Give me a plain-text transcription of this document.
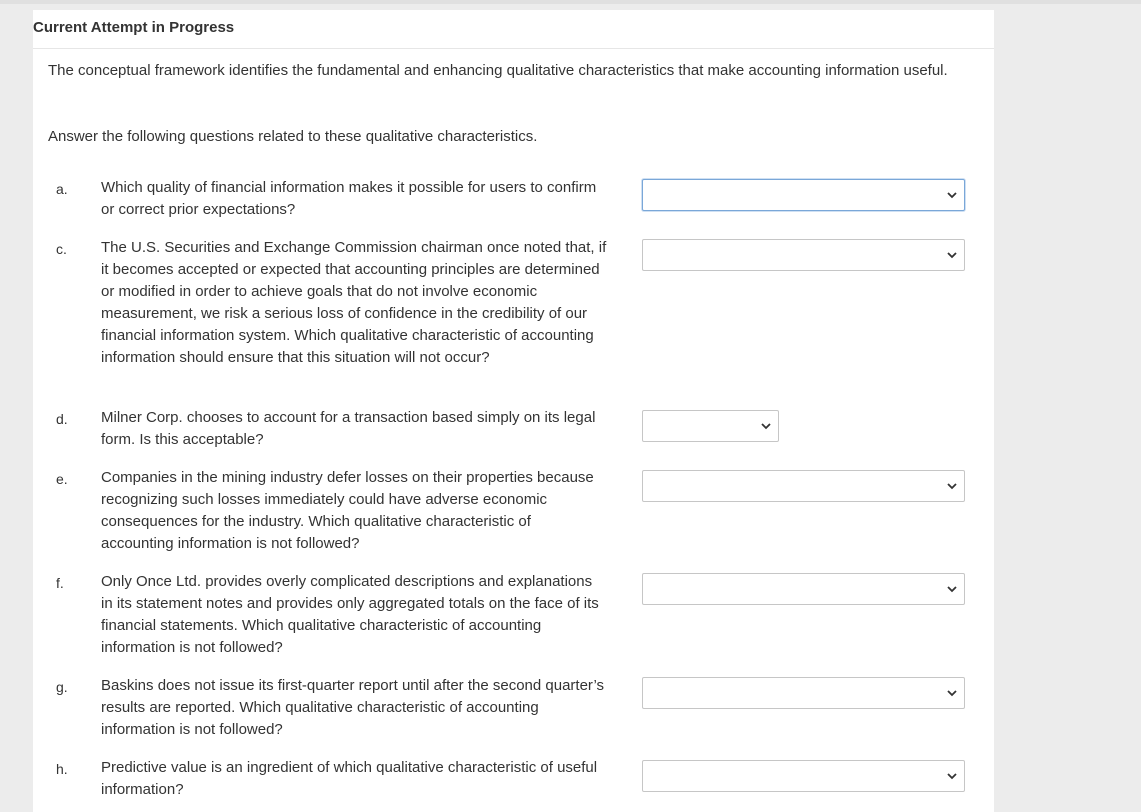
Current Attempt in Progress
The conceptual framework identifies the fundamental and enhancing qualitative characteristics that make accounting information useful.
Answer the following questions related to these qualitative characteristics.
a. Which quality of financial information makes it possible for users to confirm or correct prior expectations?
c. The U.S. Securities and Exchange Commission chairman once noted that, if it becomes accepted or expected that accounting principles are determined or modified in order to achieve goals that do not involve economic measurement, we risk a serious loss of confidence in the credibility of our financial information system. Which qualitative characteristic of accounting information should ensure that this situation will not occur?
d. Milner Corp. chooses to account for a transaction based simply on its legal form. Is this acceptable?
e. Companies in the mining industry defer losses on their properties because recognizing such losses immediately could have adverse economic consequences for the industry. Which qualitative characteristic of accounting information is not followed?
f. Only Once Ltd. provides overly complicated descriptions and explanations in its statement notes and provides only aggregated totals on the face of its financial statements. Which qualitative characteristic of accounting information is not followed?
g. Baskins does not issue its first-quarter report until after the second quarter’s results are reported. Which qualitative characteristic of accounting information is not followed?
h. Predictive value is an ingredient of which qualitative characteristic of useful information?
